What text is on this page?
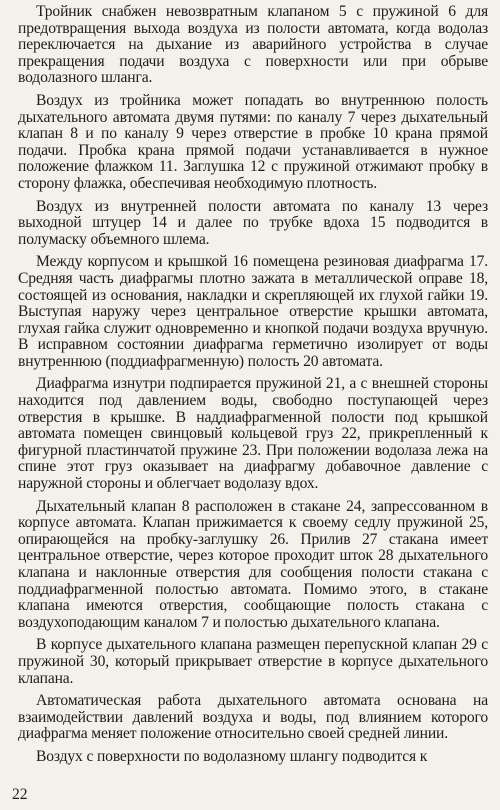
Тройник снабжен невозвратным клапаном 5 с пружиной 6 для предотвращения выхода воздуха из полости автомата, когда водолаз переключается на дыхание из аварийного устройства в случае прекращения подачи воздуха с поверхности или при обрыве водолазного шланга.

Воздух из тройника может попадать во внутреннюю полость дыхательного автомата двумя путями: по каналу 7 через дыхательный клапан 8 и по каналу 9 через отверстие в пробке 10 крана прямой подачи. Пробка крана прямой подачи устанавливается в нужное положение флажком 11. Заглушка 12 с пружиной отжимают пробку в сторону флажка, обеспечивая необходимую плотность.

Воздух из внутренней полости автомата по каналу 13 через выходной штуцер 14 и далее по трубке вдоха 15 подводится в полумаску объемного шлема.

Между корпусом и крышкой 16 помещена резиновая диафрагма 17. Средняя часть диафрагмы плотно зажата в металлической оправе 18, состоящей из основания, накладки и скрепляющей их глухой гайки 19. Выступая наружу через центральное отверстие крышки автомата, глухая гайка служит одновременно и кнопкой подачи воздуха вручную. В исправном состоянии диафрагма герметично изолирует от воды внутреннюю (поддиафрагменную) полость 20 автомата.

Диафрагма изнутри подпирается пружиной 21, а с внешней стороны находится под давлением воды, свободно поступающей через отверстия в крышке. В наддиафрагменной полости под крышкой автомата помещен свинцовый кольцевой груз 22, прикрепленный к фигурной пластинчатой пружине 23. При положении водолаза лежа на спине этот груз оказывает на диафрагму добавочное давление с наружной стороны и облегчает водолазу вдох.

Дыхательный клапан 8 расположен в стакане 24, запрессованном в корпусе автомата. Клапан прижимается к своему седлу пружиной 25, опирающейся на пробку-заглушку 26. Прилив 27 стакана имеет центральное отверстие, через которое проходит шток 28 дыхательного клапана и наклонные отверстия для сообщения полости стакана с поддиафрагменной полостью автомата. Помимо этого, в стакане клапана имеются отверстия, сообщающие полость стакана с воздухоподающим каналом 7 и полостью дыхательного клапана.

В корпусе дыхательного клапана размещен перепускной клапан 29 с пружиной 30, который прикрывает отверстие в корпусе дыхательного клапана.

Автоматическая работа дыхательного автомата основана на взаимодействии давлений воздуха и воды, под влиянием которого диафрагма меняет положение относительно своей средней линии.

Воздух с поверхности по водолазному шлангу подводится к

22
